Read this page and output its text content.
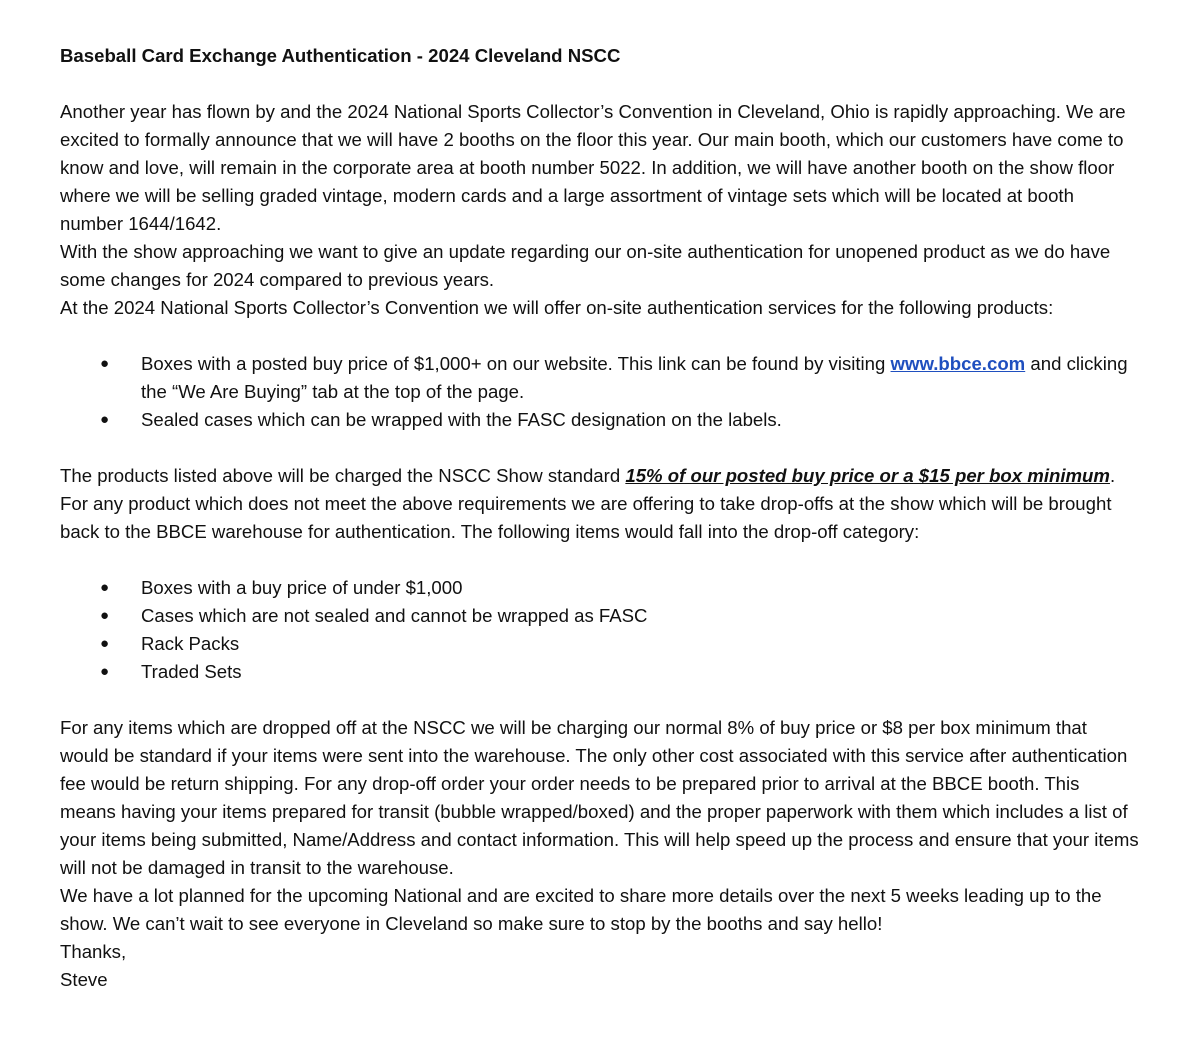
Baseball Card Exchange Authentication - 2024 Cleveland NSCC

Another year has flown by and the 2024 National Sports Collector’s Convention in Cleveland, Ohio is rapidly approaching. We are excited to formally announce that we will have 2 booths on the floor this year. Our main booth, which our customers have come to know and love, will remain in the corporate area at booth number 5022. In addition, we will have another booth on the show floor where we will be selling graded vintage, modern cards and a large assortment of vintage sets which will be located at booth number 1644/1642.

With the show approaching we want to give an update regarding our on-site authentication for unopened product as we do have some changes for 2024 compared to previous years.

At the 2024 National Sports Collector’s Convention we will offer on-site authentication services for the following products:

● Boxes with a posted buy price of $1,000+ on our website. This link can be found by visiting www.bbce.com and clicking the “We Are Buying” tab at the top of the page.
● Sealed cases which can be wrapped with the FASC designation on the labels.

The products listed above will be charged the NSCC Show standard 15% of our posted buy price or a $15 per box minimum.

For any product which does not meet the above requirements we are offering to take drop-offs at the show which will be brought back to the BBCE warehouse for authentication. The following items would fall into the drop-off category:

● Boxes with a buy price of under $1,000
● Cases which are not sealed and cannot be wrapped as FASC
● Rack Packs
● Traded Sets

For any items which are dropped off at the NSCC we will be charging our normal 8% of buy price or $8 per box minimum that would be standard if your items were sent into the warehouse. The only other cost associated with this service after authentication fee would be return shipping. For any drop-off order your order needs to be prepared prior to arrival at the BBCE booth. This means having your items prepared for transit (bubble wrapped/boxed) and the proper paperwork with them which includes a list of your items being submitted, Name/Address and contact information. This will help speed up the process and ensure that your items will not be damaged in transit to the warehouse.

We have a lot planned for the upcoming National and are excited to share more details over the next 5 weeks leading up to the show. We can’t wait to see everyone in Cleveland so make sure to stop by the booths and say hello!

Thanks,

Steve
